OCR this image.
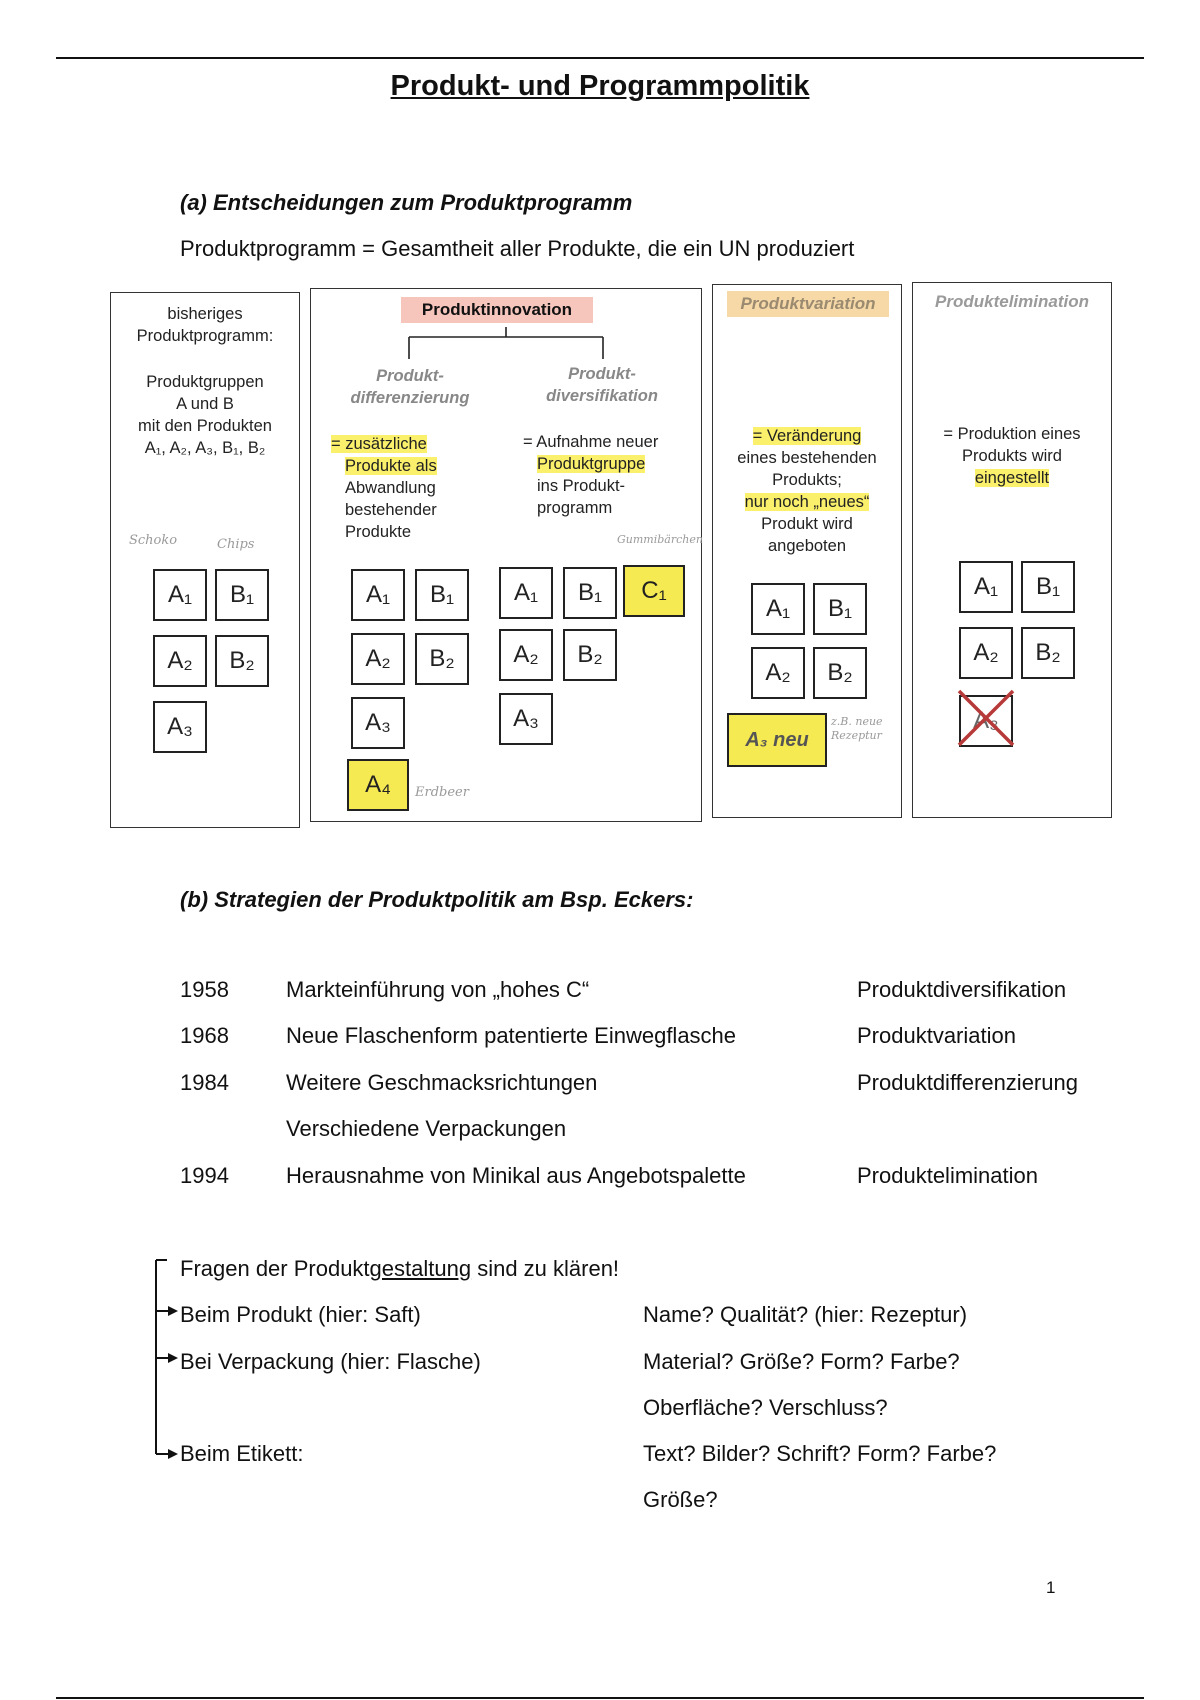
Produkt- und Programmpolitik
(a) Entscheidungen zum Produktprogramm
Produktprogramm = Gesamtheit aller Produkte, die ein UN produziert
bisheriges
Produktprogramm:
Produktgruppen
A und B
mit den Produkten
A₁, A₂, A₃, B₁, B₂
Schoko	Chips
A₁	B₁
A₂	B₂
A₃
Produktinnovation
Produkt-
differenzierung
Produkt-
diversifikation
= zusätzliche
Produkte als
Abwandlung
bestehender
Produkte
= Aufnahme neuer
Produktgruppe
ins Produkt-
programm
Gummibärchen
A₁	B₁
A₂	B₂
A₃
A₄	Erdbeer
A₁	B₁	C₁
A₂	B₂
A₃
Produktvariation
= Veränderung
eines bestehenden
Produkts;
nur noch „neues“
Produkt wird
angeboten
A₁	B₁
A₂	B₂
A₃ neu
z.B. neue Rezeptur
Produktelimination
= Produktion eines
Produkts wird
eingestellt
A₁	B₁
A₂	B₂
A₃
(b) Strategien der Produktpolitik am Bsp. Eckers:
1958	Markteinführung von „hohes C“	Produktdiversifikation
1968	Neue Flaschenform patentierte Einwegflasche	Produktvariation
1984	Weitere Geschmacksrichtungen	Produktdifferenzierung
Verschiedene Verpackungen
1994	Herausnahme von Minikal aus Angebotspalette	Produktelimination
Fragen der Produktgestaltung sind zu klären!
Beim Produkt (hier: Saft)	Name? Qualität? (hier: Rezeptur)
Bei Verpackung (hier: Flasche)	Material? Größe? Form? Farbe?
Oberfläche? Verschluss?
Beim Etikett:	Text? Bilder? Schrift? Form? Farbe?
Größe?
1
